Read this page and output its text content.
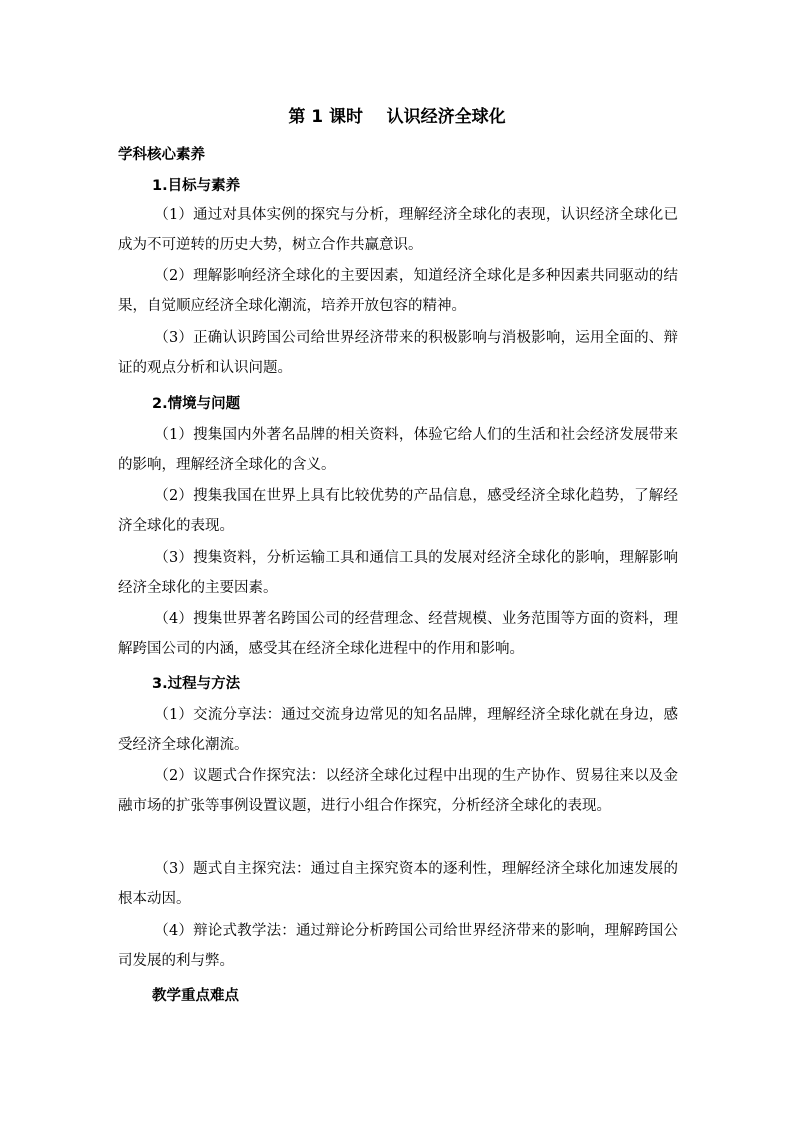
第 1 课时    认识经济全球化
学科核心素养
1.目标与素养

（1）通过对具体实例的探究与分析，理解经济全球化的表现，认识经济全球化已成为不可逆转的历史大势，树立合作共赢意识。

（2）理解影响经济全球化的主要因素，知道经济全球化是多种因素共同驱动的结果，自觉顺应经济全球化潮流，培养开放包容的精神。

（3）正确认识跨国公司给世界经济带来的积极影响与消极影响，运用全面的、辩证的观点分析和认识问题。

2.情境与问题

（1）搜集国内外著名品牌的相关资料，体验它给人们的生活和社会经济发展带来的影响，理解经济全球化的含义。

（2）搜集我国在世界上具有比较优势的产品信息，感受经济全球化趋势，了解经济全球化的表现。

（3）搜集资料，分析运输工具和通信工具的发展对经济全球化的影响，理解影响经济全球化的主要因素。

（4）搜集世界著名跨国公司的经营理念、经营规模、业务范围等方面的资料，理解跨国公司的内涵，感受其在经济全球化进程中的作用和影响。

3.过程与方法

（1）交流分享法：通过交流身边常见的知名品牌，理解经济全球化就在身边，感受经济全球化潮流。

（2）议题式合作探究法：以经济全球化过程中出现的生产协作、贸易往来以及金融市场的扩张等事例设置议题，进行小组合作探究，分析经济全球化的表现。

（3）题式自主探究法：通过自主探究资本的逐利性，理解经济全球化加速发展的根本动因。

（4）辩论式教学法：通过辩论分析跨国公司给世界经济带来的影响，理解跨国公司发展的利与弊。

教学重点难点
